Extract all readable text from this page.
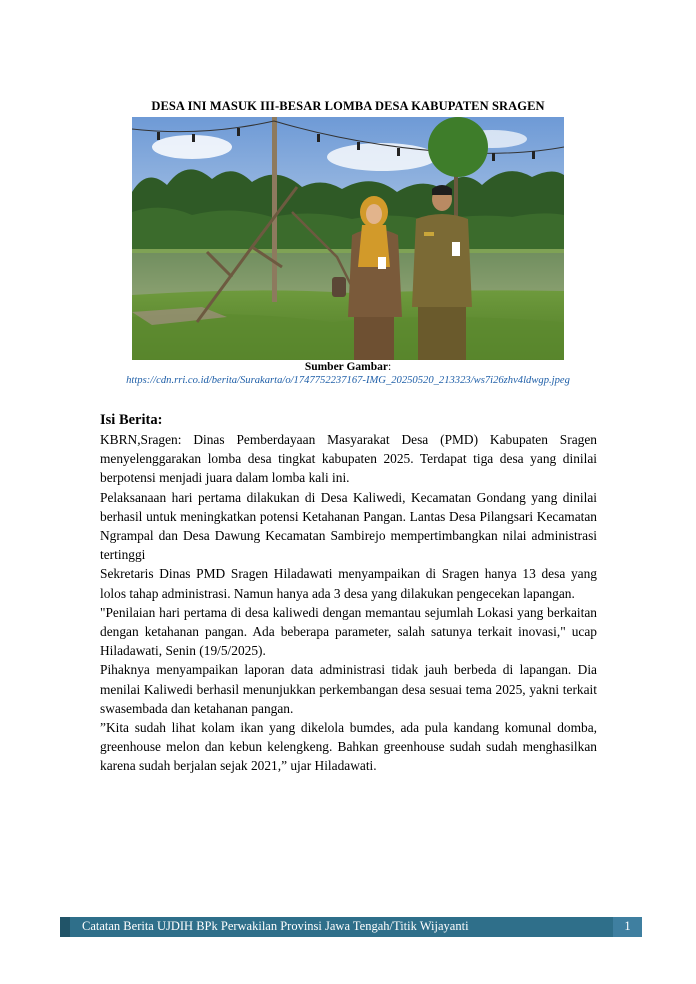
DESA INI MASUK III-BESAR LOMBA DESA KABUPATEN SRAGEN
Sumber Gambar:
https://cdn.rri.co.id/berita/Surakarta/o/1747752237167-IMG_20250520_213323/ws7i26zhv4ldwgp.jpeg
Isi Berita:

KBRN,Sragen: Dinas Pemberdayaan Masyarakat Desa (PMD) Kabupaten Sragen menyelenggarakan lomba desa tingkat kabupaten 2025. Terdapat tiga desa yang dinilai berpotensi menjadi juara dalam lomba kali ini.

Pelaksanaan hari pertama dilakukan di Desa Kaliwedi, Kecamatan Gondang yang dinilai berhasil untuk meningkatkan potensi Ketahanan Pangan. Lantas Desa Pilangsari Kecamatan Ngrampal dan Desa Dawung Kecamatan Sambirejo mempertimbangkan nilai administrasi tertinggi

Sekretaris Dinas PMD Sragen Hiladawati menyampaikan di Sragen hanya 13 desa yang lolos tahap administrasi. Namun hanya ada 3 desa yang dilakukan pengecekan lapangan.

"Penilaian hari pertama di desa kaliwedi dengan memantau sejumlah Lokasi yang berkaitan dengan ketahanan pangan. Ada beberapa parameter, salah satunya terkait inovasi," ucap Hiladawati, Senin (19/5/2025).

Pihaknya menyampaikan laporan data administrasi tidak jauh berbeda di lapangan. Dia menilai Kaliwedi berhasil menunjukkan perkembangan desa sesuai tema 2025, yakni terkait swasembada dan ketahanan pangan.

”Kita sudah lihat kolam ikan yang dikelola bumdes, ada pula kandang komunal domba, greenhouse melon dan kebun kelengkeng. Bahkan greenhouse sudah sudah menghasilkan karena sudah berjalan sejak 2021,” ujar Hiladawati.

Catatan Berita UJDIH BPk Perwakilan Provinsi Jawa Tengah/Titik Wijayanti	1
